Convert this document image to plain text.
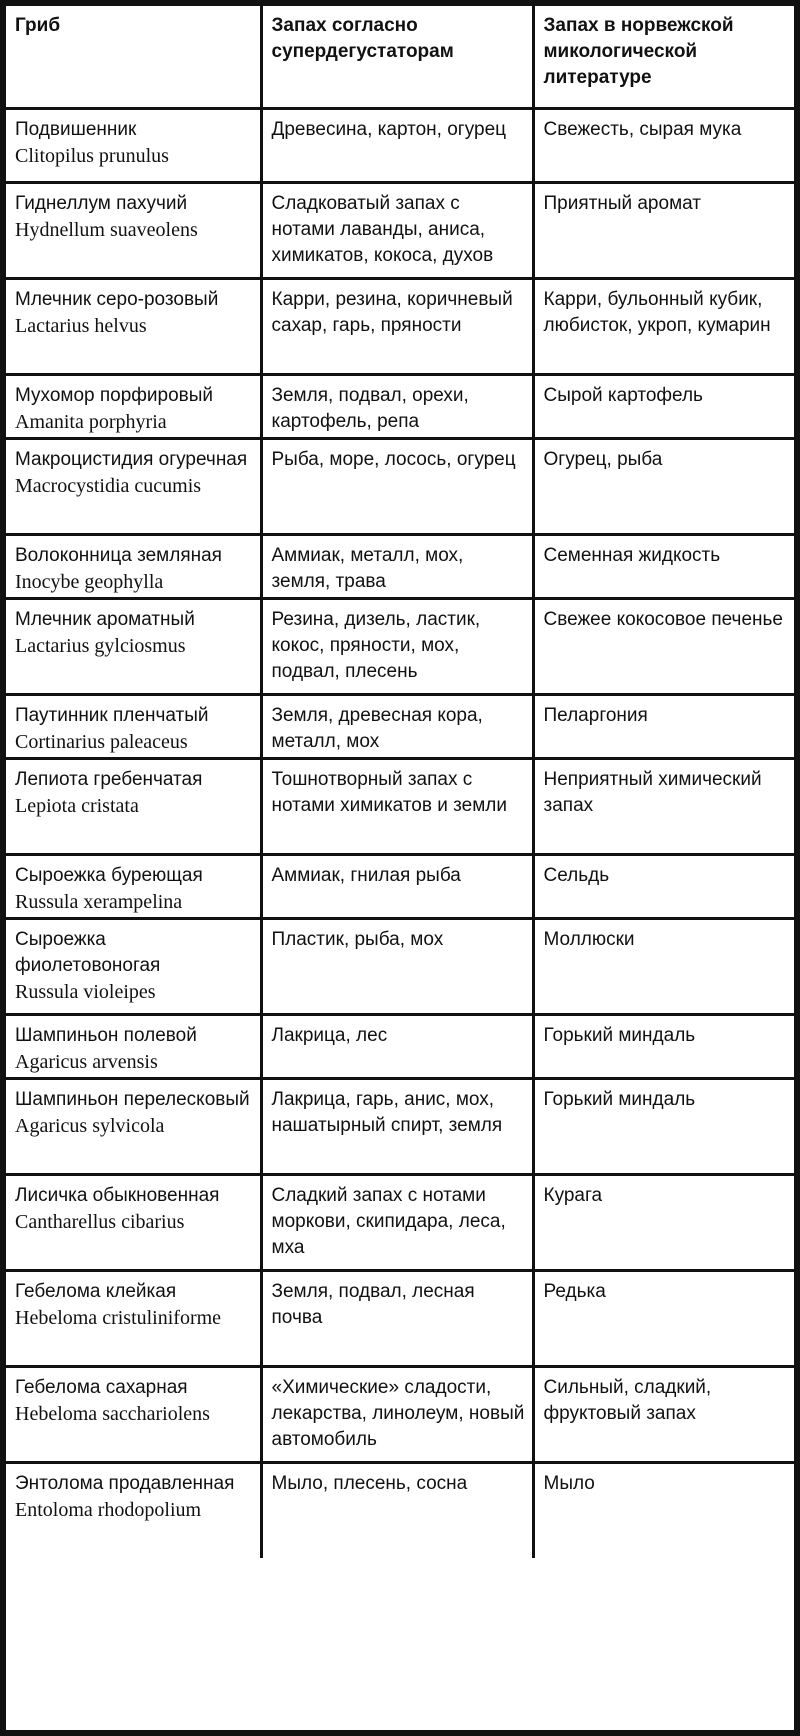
Гриб	Запах согласно супердегустаторам	Запах в норвежской микологической литературе

Подвишенник
Clitopilus prunulus	Древесина, картон, огурец	Свежесть, сырая мука

Гиднеллум пахучий
Hydnellum suaveolens	Сладковатый запах с нотами лаванды, аниса, химикатов, кокоса, духов	Приятный аромат

Млечник серо-розовый
Lactarius helvus	Карри, резина, коричневый сахар, гарь, пряности	Карри, бульонный кубик, любисток, укроп, кумарин

Мухомор порфировый
Amanita porphyria	Земля, подвал, орехи, картофель, репа	Сырой картофель

Макроцистидия огуречная
Macrocystidia cucumis	Рыба, море, лосось, огурец	Огурец, рыба

Волоконница земляная
Inocybe geophylla	Аммиак, металл, мох, земля, трава	Семенная жидкость

Млечник ароматный
Lactarius gylciosmus	Резина, дизель, ластик, кокос, пряности, мох, подвал, плесень	Свежее кокосовое печенье

Паутинник пленчатый
Cortinarius paleaceus	Земля, древесная кора, металл, мох	Пеларгония

Лепиота гребенчатая
Lepiota cristata	Тошнотворный запах с нотами химикатов и земли	Неприятный химический запах

Сыроежка буреющая
Russula xerampelina	Аммиак, гнилая рыба	Сельдь

Сыроежка фиолетовоногая
Russula violeipes	Пластик, рыба, мох	Моллюски

Шампиньон полевой
Agaricus arvensis	Лакрица, лес	Горький миндаль

Шампиньон перелесковый
Agaricus sylvicola	Лакрица, гарь, анис, мох, нашатырный спирт, земля	Горький миндаль

Лисичка обыкновенная
Cantharellus cibarius	Сладкий запах с нотами моркови, скипидара, леса, мха	Курага

Гебелома клейкая
Hebeloma cristuliniforme	Земля, подвал, лесная почва	Редька

Гебелома сахарная
Hebeloma sacchariolens	«Химические» сладости, лекарства, линолеум, новый автомобиль	Сильный, сладкий, фруктовый запах

Энтолома продавленная
Entoloma rhodopolium	Мыло, плесень, сосна	Мыло
